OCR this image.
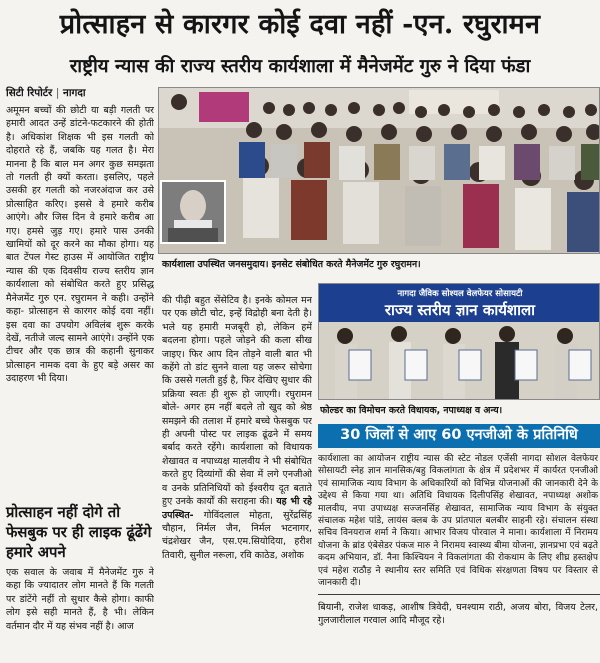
प्रोत्साहन से कारगर कोई दवा नहीं -एन. रघुरामन
राष्ट्रीय न्यास की राज्य स्तरीय कार्यशाला में मैनेजमेंट गुरु ने दिया फंडा
सिटी रिपोर्टर | नागदा
अमूमन बच्चों की छोटी या बड़ी गलती पर हमारी आदत उन्हें डांटने-फटकारने की होती है। अधिकांश शिक्षक भी इस गलती को दोहराते रहे हैं, जबकि यह गलत है। मेरा मानना है कि बाल मन अगर कुछ समझता तो गलती ही क्यों करता। इसलिए, पहले उसकी हर गलती को नजरअंदाज कर उसे प्रोत्साहित करिए। इससे वे हमारे करीब आएंगे। और जिस दिन वे हमारे करीब आ गए। हमसे जुड़ गए। हमारे पास उनकी खामियों को दूर करने का मौका होगा। यह बात टेंपल गेस्ट हाउस में आयोजित राष्ट्रीय न्यास की एक दिवसीय राज्य स्तरीय ज्ञान कार्यशाला को संबोधित करते हुए प्रसिद्ध मैनेजमेंट गुरु एन. रघुरामन ने कही। उन्होंने कहा- प्रोत्साहन से कारगर कोई दवा नहीं। इस दवा का उपयोग अविलंब शुरू करके देखें, नतीजे जल्द सामने आएंगे। उन्होंने एक टीचर और एक छात्र की कहानी सुनाकर प्रोत्साहन नामक दवा के हुए बड़े असर का उदाहरण भी दिया।
प्रोत्साहन नहीं दोगे तो फेसबुक पर ही लाइक ढूंढेंगे हमारे अपने
एक सवाल के जवाब में मैनेजमेंट गुरु ने कहा कि ज्यादातर लोग मानते हैं कि गलती पर डांटेंगे नहीं तो सुधार कैसे होगा। काफी लोग इसे सही मानते हैं, है भी। लेकिन वर्तमान दौर में यह संभव नहीं है। आज
की पीढ़ी बहुत सेंसेटिव है। इनके कोमल मन पर एक छोटी चोट, इन्हें विद्रोही बना देती है। भले यह हमारी मजबूरी हो, लेकिन हमें बदलना होगा। पहले जोड़ने की कला सीख जाइए। फिर आप दिन तोड़ने वाली बात भी कहेंगे तो डांट सुनने वाला यह जरूर सोचेगा कि उससे गलती हुई है, फिर देखिए सुधार की प्रक्रिया स्वतः ही शुरू हो जाएगी। रघुरामन बोले- अगर हम नहीं बदले तो खुद को श्रेष्ठ समझने की तलाश में हमारे बच्चे फेसबुक पर ही अपनी पोस्ट पर लाइक ढूंढने में समय बर्बाद करते रहेंगे। कार्यशाला को विधायक शेखावत व नपाध्यक्ष मालवीय ने भी संबोधित करते हुए दिव्यांगों की सेवा में लगे एनजीओ व उनके प्रतिनिधियों को ईश्वरीय दूत बताते हुए उनके कार्यों की सराहना की। यह भी रहे उपस्थित- गोविंदलाल मोहता, सुरेंद्रसिंह चौहान, निर्मल जैन, निर्मल भटनागर, चंद्रशेखर जैन, एस.एम.सियोदिया, हरीश तिवारी, सुनील नरूला, रवि काठेड, अशोक
कार्यशाला उपस्थित जनसमुदाय। इनसेट संबोधित करते मैनेजमेंट गुरु रघुरामन।
नागदा जैविक सोश्यल वेलफेयर सोसायटी
राज्य स्तरीय ज्ञान कार्यशाला
फोल्डर का विमोचन करते विधायक, नपाध्यक्ष व अन्य।
30 जिलों से आए 60 एनजीओ के प्रतिनिधि
कार्यशाला का आयोजन राष्ट्रीय न्यास की स्टेट नोडल एजेंसी नागदा सोशल वेलफेयर सोसायटी स्नेह ज्ञान मानसिक/बहु विकलांगता के क्षेत्र में प्रदेशभर में कार्यरत एनजीओ एवं सामाजिक न्याय विभाग के अधिकारियों को विभिन्न योजनाओं की जानकारी देने के उद्देश्य से किया गया था। अतिथि विधायक दिलीपसिंह शेखावत, नपाध्यक्ष अशोक मालवीय, नपा उपाध्यक्ष सज्जनसिंह शेखावत, सामाजिक न्याय विभाग के संयुक्त संचालक महेश पांडे, लायंस क्लब के उप प्रांतपाल बलबीर साहनी रहे। संचालन संस्था सचिव विनयराज शर्मा ने किया। आभार विजय पोरवाल ने माना। कार्यशाला में निरामय योजना के ब्रांड एंबेसेडर पंकज मारु ने निरामय स्वास्थ्य बीमा योजना, ज्ञानप्रभा एवं बढ़ते कदम अभियान, डॉ. नैना किश्चियन ने विकलांगता की रोकथाम के लिए शीघ्र हस्तक्षेप एवं महेश राठौड़ ने स्थानीय स्तर समिति एवं विधिक संरक्षणता विषय पर विस्तार से जानकारी दी।
बियानी, राजेश धाकड़, आशीष त्रिवेदी, घनश्याम राठी, अजय बोरा, विजय टेलर, गुलजारीलाल गरवाल आदि मौजूद रहे।
